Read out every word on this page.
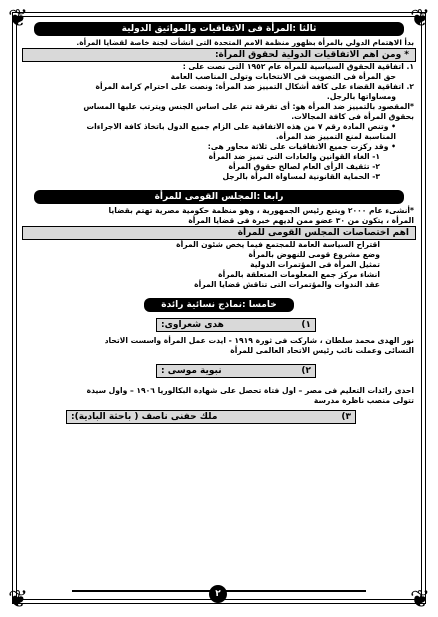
❦	❦
❦	❦
ثالثا :المرأة فى الاتفاقيات والمواثيق الدولية

بدأ الاهتمام الدولي بالمرأة بظهور منظمة الامم المتحدة التى انشأت لجنة خاصة لقضايا المرأة.

* ومن اهم الاتفاقيات الدولية لحقوق المرأة:

١. اتفاقية الحقوق السياسية للمرأة عام ١٩٥٢ التى نصت على :

حق المرأة فى التصويت فى الانتخابات وتولى المناصب العامة

٢. اتفاقية القضاء على كافة أشكال التمييز ضد المرأة: ونصت على احترام كرامة المرأة

ومساواتها بالرجل.

*المقصود بالتمييز ضد المرأة هو: أى تفرقة تتم على اساس الجنس ويترتب عليها المساس

بحقوق المرأة فى كافة المجالات.

• وتنص المادة رقم ٧ من هذه الاتفاقية على الزام جميع الدول باتخاذ كافة الاجراءات

المناسبة لمنع التمييز ضد المرأة.

• وقد ركزت جميع الاتفاقيات على ثلاثة محاور هى:

١- الغاء القوانين والعادات التى تميز ضد المرأة

٢- تثقيف الرأى العام لصالح حقوق المرأة

٣- الحماية القانونية لمساواة المرأة بالرجل

رابعا :المجلس القومى للمرأة

*أنشىء عام ٢٠٠٠ ويتبع رئيس الجمهورية ، وهو منظمة حكومية مصرية تهتم بقضايا

المرأة ، يتكون من ٣٠ عضو ممن لديهم خبرة فى قضايا المرأة

اهم اختصاصات المجلس القومى للمرأة

اقتراح السياسة العامة للمجتمع فيما يخص شئون المرأة

وضع مشروع قومى للنهوض بالمرأة

تمثيل المرأة فى المؤتمرات الدولية

انشاء مركز جمع المعلومات المتعلقة بالمرأة

عقد الندوات والمؤتمرات التى تناقش قضايا المرأة

خامسا :نماذج نسائية رائدة
١)
هدى شعراوى:

نور الهدى محمد سلطان ، شاركت فى ثورة ١٩١٩ - ايدت عمل المرأة واسست الاتحاد

النسائى وعملت نائب رئيس الاتحاد العالمى للمرأة

٢)
نبوية موسى :

احدى رائدات التعليم فى مصر – اول فتاة تحصل على شهادة البكالوريا ١٩٠٦ – واول سيدة

تتولى منصب ناظرة مدرسة

٣)
ملك حفنى ناصف ( باحثة البادية):
٢
